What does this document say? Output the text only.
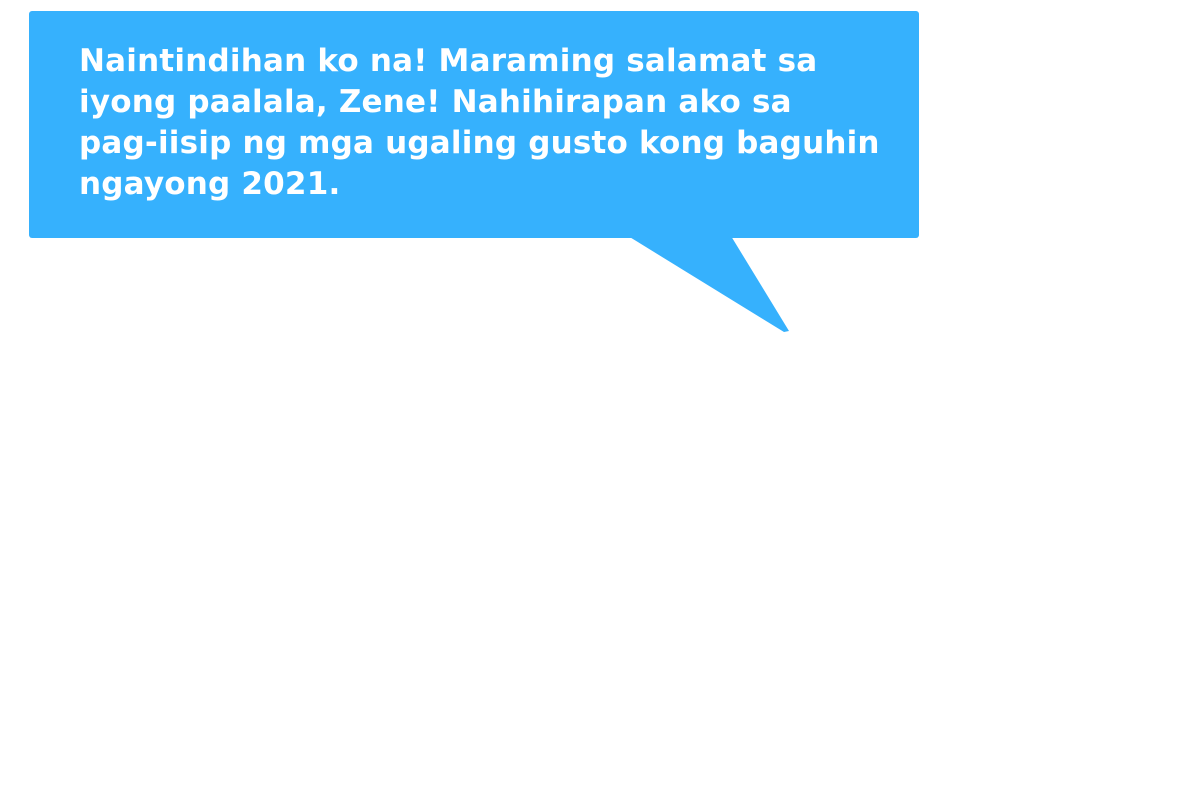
Naintindihan ko na! Maraming salamat sa
iyong paalala, Zene! Nahihirapan ako sa
pag-iisip ng mga ugaling gusto kong baguhin
ngayong 2021.
